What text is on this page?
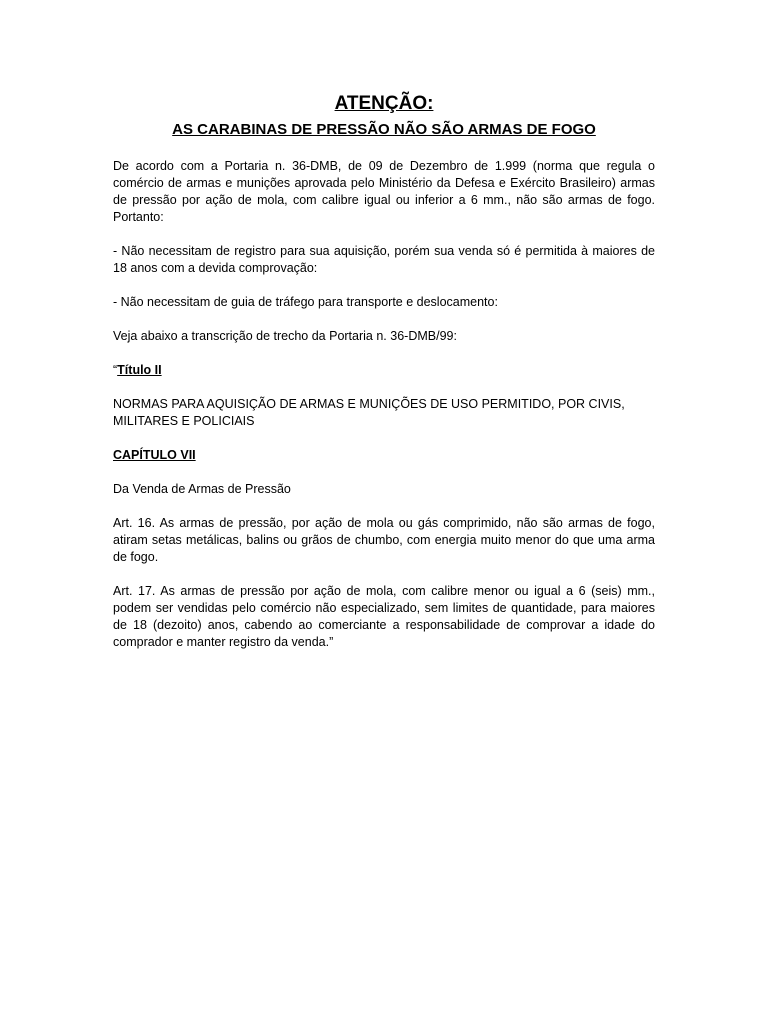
ATENÇÃO:
AS CARABINAS DE PRESSÃO NÃO SÃO ARMAS DE FOGO

De acordo com a Portaria n. 36-DMB, de 09 de Dezembro de 1.999 (norma que regula o comércio de armas e munições aprovada pelo Ministério da Defesa e Exército Brasileiro) armas de pressão por ação de mola, com calibre igual ou inferior a 6 mm., não são armas de fogo. Portanto:

- Não necessitam de registro para sua aquisição, porém sua venda só é permitida à maiores de 18 anos com a devida comprovação:

- Não necessitam de guia de tráfego para transporte e deslocamento:

Veja abaixo a transcrição de trecho da Portaria n. 36-DMB/99:

“Título II

NORMAS PARA AQUISIÇÃO DE ARMAS E MUNIÇÕES DE USO PERMITIDO, POR CIVIS, MILITARES E POLICIAIS

CAPÍTULO VII

Da Venda de Armas de Pressão

Art. 16. As armas de pressão, por ação de mola ou gás comprimido, não são armas de fogo, atiram setas metálicas, balins ou grãos de chumbo, com energia muito menor do que uma arma de fogo.

Art. 17. As armas de pressão por ação de mola, com calibre menor ou igual a 6 (seis) mm., podem ser vendidas pelo comércio não especializado, sem limites de quantidade, para maiores de 18 (dezoito) anos, cabendo ao comerciante a responsabilidade de comprovar a idade do comprador e manter registro da venda.”
